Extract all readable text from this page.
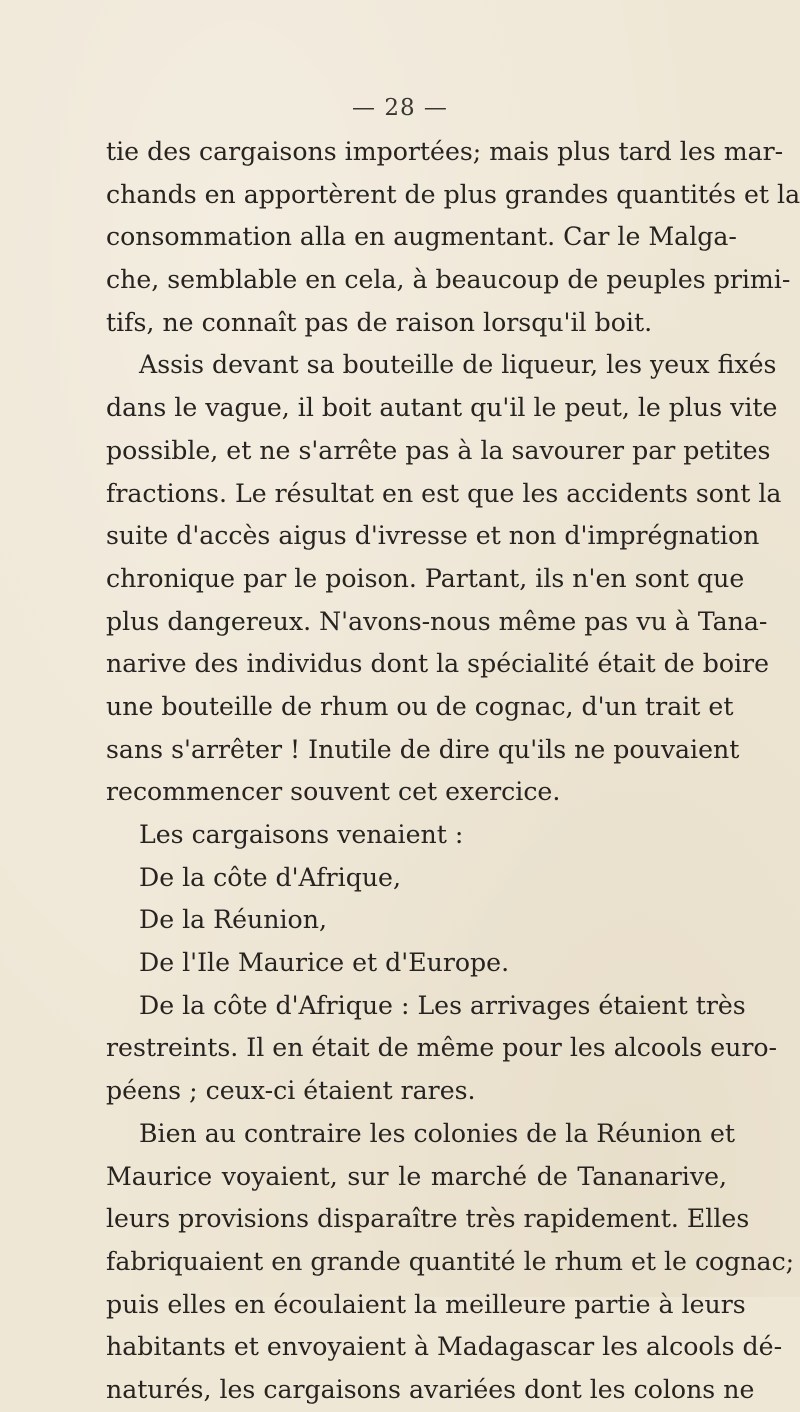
— 28 —
tie des cargaisons importées; mais plus tard les mar-
chands en apportèrent de plus grandes quantités et la
consommation alla en augmentant. Car le Malga-
che, semblable en cela, à beaucoup de peuples primi-
tifs, ne connaît pas de raison lorsqu'il boit.
Assis devant sa bouteille de liqueur, les yeux fixés
dans le vague, il boit autant qu'il le peut, le plus vite
possible, et ne s'arrête pas à la savourer par petites
fractions. Le résultat en est que les accidents sont la
suite d'accès aigus d'ivresse et non d'imprégnation
chronique par le poison. Partant, ils n'en sont que
plus dangereux. N'avons-nous même pas vu à Tana-
narive des individus dont la spécialité était de boire
une bouteille de rhum ou de cognac, d'un trait et
sans s'arrêter ! Inutile de dire qu'ils ne pouvaient
recommencer souvent cet exercice.
Les cargaisons venaient :
De la côte d'Afrique,
De la Réunion,
De l'Ile Maurice et d'Europe.
De la côte d'Afrique : Les arrivages étaient très
restreints. Il en était de même pour les alcools euro-
péens ; ceux-ci étaient rares.
Bien au contraire les colonies de la Réunion et
Maurice voyaient, sur le marché de Tananarive,
leurs provisions disparaître très rapidement. Elles
fabriquaient en grande quantité le rhum et le cognac;
puis elles en écoulaient la meilleure partie à leurs
habitants et envoyaient à Madagascar les alcools dé-
naturés, les cargaisons avariées dont les colons ne
